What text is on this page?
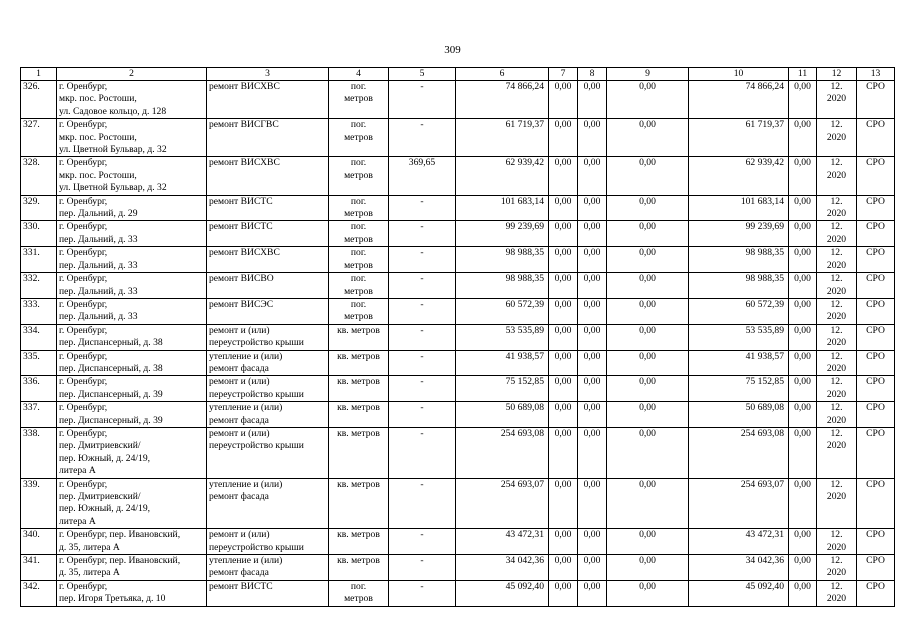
309
1	2	3	4	5	6	7	8	9	10	11	12	13
326.	г. Оренбург,
мкр. пос. Ростоши,
ул. Садовое кольцо, д. 128	ремонт ВИСХВС	пог.
метров	-	74 866,24	0,00	0,00	0,00	74 866,24	0,00	12.
2020	СРО
327.	г. Оренбург,
мкр. пос. Ростоши,
ул. Цветной Бульвар, д. 32	ремонт ВИСГВС	пог.
метров	-	61 719,37	0,00	0,00	0,00	61 719,37	0,00	12.
2020	СРО
328.	г. Оренбург,
мкр. пос. Ростоши,
ул. Цветной Бульвар, д. 32	ремонт ВИСХВС	пог.
метров	369,65	62 939,42	0,00	0,00	0,00	62 939,42	0,00	12.
2020	СРО
329.	г. Оренбург,
пер. Дальний, д. 29	ремонт ВИСТС	пог.
метров	-	101 683,14	0,00	0,00	0,00	101 683,14	0,00	12.
2020	СРО
330.	г. Оренбург,
пер. Дальний, д. 33	ремонт ВИСТС	пог.
метров	-	99 239,69	0,00	0,00	0,00	99 239,69	0,00	12.
2020	СРО
331.	г. Оренбург,
пер. Дальний, д. 33	ремонт ВИСХВС	пог.
метров	-	98 988,35	0,00	0,00	0,00	98 988,35	0,00	12.
2020	СРО
332.	г. Оренбург,
пер. Дальний, д. 33	ремонт ВИСВО	пог.
метров	-	98 988,35	0,00	0,00	0,00	98 988,35	0,00	12.
2020	СРО
333.	г. Оренбург,
пер. Дальний, д. 33	ремонт ВИСЭС	пог.
метров	-	60 572,39	0,00	0,00	0,00	60 572,39	0,00	12.
2020	СРО
334.	г. Оренбург,
пер. Диспансерный, д. 38	ремонт и (или)
переустройство крыши	кв. метров	-	53 535,89	0,00	0,00	0,00	53 535,89	0,00	12.
2020	СРО
335.	г. Оренбург,
пер. Диспансерный, д. 38	утепление и (или)
ремонт фасада	кв. метров	-	41 938,57	0,00	0,00	0,00	41 938,57	0,00	12.
2020	СРО
336.	г. Оренбург,
пер. Диспансерный, д. 39	ремонт и (или)
переустройство крыши	кв. метров	-	75 152,85	0,00	0,00	0,00	75 152,85	0,00	12.
2020	СРО
337.	г. Оренбург,
пер. Диспансерный, д. 39	утепление и (или)
ремонт фасада	кв. метров	-	50 689,08	0,00	0,00	0,00	50 689,08	0,00	12.
2020	СРО
338.	г. Оренбург,
пер. Дмитриевский/
пер. Южный, д. 24/19,
литера А	ремонт и (или)
переустройство крыши	кв. метров	-	254 693,08	0,00	0,00	0,00	254 693,08	0,00	12.
2020	СРО
339.	г. Оренбург,
пер. Дмитриевский/
пер. Южный, д. 24/19,
литера А	утепление и (или)
ремонт фасада	кв. метров	-	254 693,07	0,00	0,00	0,00	254 693,07	0,00	12.
2020	СРО
340.	г. Оренбург, пер. Ивановский,
д. 35, литера А	ремонт и (или)
переустройство крыши	кв. метров	-	43 472,31	0,00	0,00	0,00	43 472,31	0,00	12.
2020	СРО
341.	г. Оренбург, пер. Ивановский,
д. 35, литера А	утепление и (или)
ремонт фасада	кв. метров	-	34 042,36	0,00	0,00	0,00	34 042,36	0,00	12.
2020	СРО
342.	г. Оренбург,
пер. Игоря Третьяка, д. 10	ремонт ВИСТС	пог.
метров	-	45 092,40	0,00	0,00	0,00	45 092,40	0,00	12.
2020	СРО
